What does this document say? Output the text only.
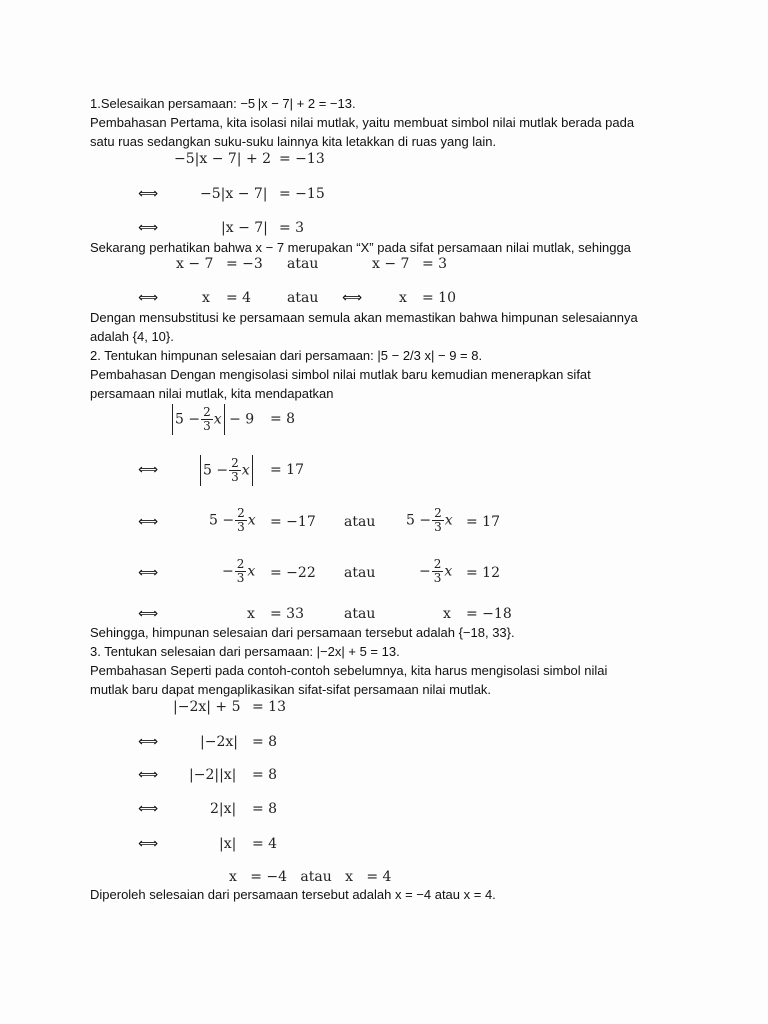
1.Selesaikan persamaan: −5 |x − 7| + 2 = −13.
Pembahasan Pertama, kita isolasi nilai mutlak, yaitu membuat simbol nilai mutlak berada pada
satu ruas sedangkan suku-suku lainnya kita letakkan di ruas yang lain.
−5|x − 7| + 2 = −13
⟺	−5|x − 7| = −15
⟺	|x − 7| = 3
Sekarang perhatikan bahwa x − 7 merupakan “X” pada sifat persamaan nilai mutlak, sehingga
x − 7 = −3 atau	x − 7 = 3
⟺	x = 4	atau ⟺	x = 10
Dengan mensubstitusi ke persamaan semula akan memastikan bahwa himpunan selesaiannya
adalah {4, 10}.
2. Tentukan himpunan selesaian dari persamaan: |5 − 2/3 x| − 9 = 8.
Pembahasan Dengan mengisolasi simbol nilai mutlak baru kemudian menerapkan sifat
persamaan nilai mutlak, kita mendapatkan
$5 - \frac{2}{3}$ x − 9 = 8
⟺	$5 - \frac{2}{3}$ x = 17
⟺	$5 - \frac{2}{3}$ x = −17 atau $5 - \frac{2}{3}$ x = 17
⟺	− $\frac{2}{3}$ x = −22 atau	− $\frac{2}{3}$ x = 12
⟺	x = 33	atau	x = −18
Sehingga, himpunan selesaian dari persamaan tersebut adalah {−18, 33}.
3. Tentukan selesaian dari persamaan: |−2x| + 5 = 13.
Pembahasan Seperti pada contoh-contoh sebelumnya, kita harus mengisolasi simbol nilai
mutlak baru dapat mengaplikasikan sifat-sifat persamaan nilai mutlak.
|−2x| + 5 = 13
⟺	|−2x| = 8
⟺ |−2||x| = 8
⟺	2|x| = 8
⟺	|x| = 4
x   = −4   atau   x   = 4
Diperoleh selesaian dari persamaan tersebut adalah x = −4 atau x = 4.
